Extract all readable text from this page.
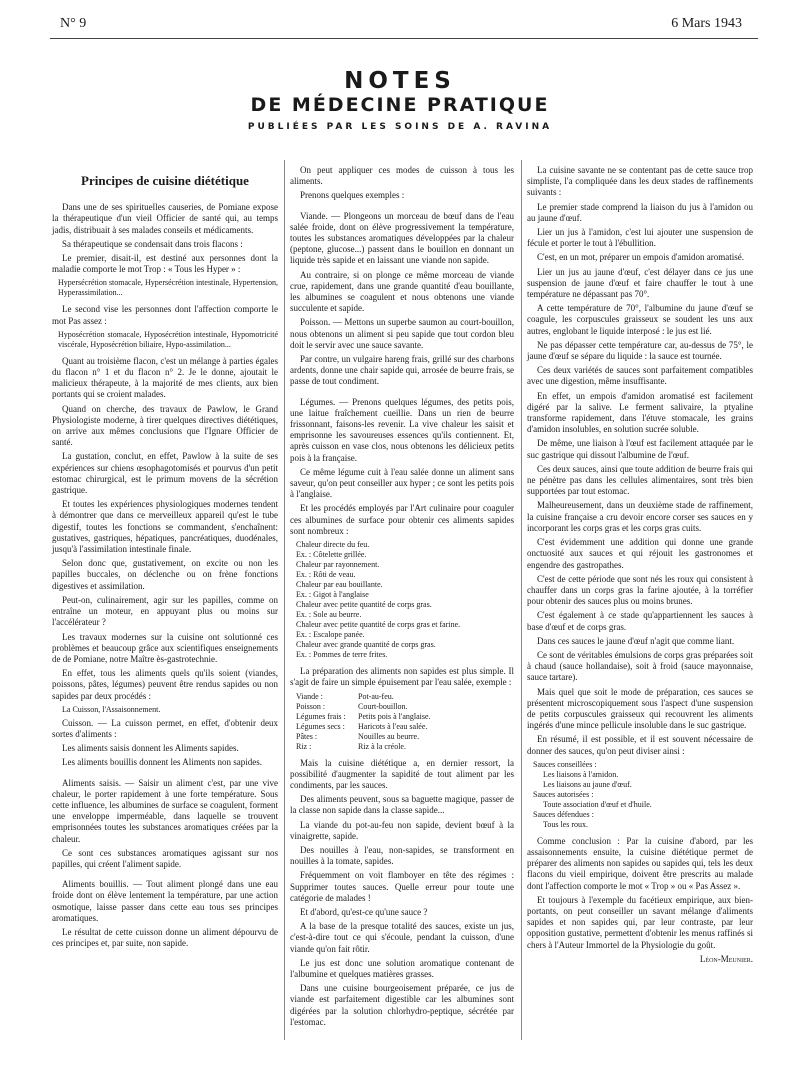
N° 9	6 Mars 1943
NOTES
DE MÉDECINE PRATIQUE
PUBLIÉES PAR LES SOINS DE A. RAVINA
Principes de cuisine diététique

Dans une de ses spirituelles causeries, de Pomiane expose la thérapeutique d'un vieil Officier de santé qui, au temps jadis, distribuait à ses malades conseils et médicaments.

Sa thérapeutique se condensait dans trois flacons :

Le premier, disait-il, est destiné aux personnes dont la maladie comporte le mot Trop : « Tous les Hyper » :

Hypersécrétion stomacale, Hypersécrétion intestinale, Hypertension, Hyperassimilation...

Le second vise les personnes dont l'affection comporte le mot Pas assez :

Hyposécrétion stomacale, Hyposécrétion intestinale, Hypomotricité viscérale, Hyposécrétion biliaire, Hypo-assimilation...

Quant au troisième flacon, c'est un mélange à parties égales du flacon n° 1 et du flacon n° 2. Je le donne, ajoutait le malicieux thérapeute, à la majorité de mes clients, aux bien portants qui se croient malades.

Quand on cherche, des travaux de Pawlow, le Grand Physiologiste moderne, à tirer quelques directives diététiques, on arrive aux mêmes conclusions que l'Ignare Officier de santé.

La gustation, conclut, en effet, Pawlow à la suite de ses expériences sur chiens œsophagotomisés et pourvus d'un petit estomac chirurgical, est le primum movens de la sécrétion gastrique.

Et toutes les expériences physiologiques modernes tendent à démontrer que dans ce merveilleux appareil qu'est le tube digestif, toutes les fonctions se commandent, s'enchaînent: gustatives, gastriques, hépatiques, pancréatiques, duodénales, jusqu'à l'assimilation intestinale finale.

Selon donc que, gustativement, on excite ou non les papilles buccales, on déclenche ou on frène fonctions digestives et assimilation.

Peut-on, culinairement, agir sur les papilles, comme on entraîne un moteur, en appuyant plus ou moins sur l'accélérateur ?

Les travaux modernes sur la cuisine ont solutionné ces problèmes et beaucoup grâce aux scientifiques enseignements de de Pomiane, notre Maître ès-gastrotechnie.

En effet, tous les aliments quels qu'ils soient (viandes, poissons, pâtes, légumes) peuvent être rendus sapides ou non sapides par deux procédés :

La Cuisson, l'Assaisonnement.

Cuisson. — La cuisson permet, en effet, d'obtenir deux sortes d'aliments :

Les aliments saisis donnent les Aliments sapides.

Les aliments bouillis donnent les Aliments non sapides.

Aliments saisis. — Saisir un aliment c'est, par une vive chaleur, le porter rapidement à une forte température. Sous cette influence, les albumines de surface se coagulent, forment une enveloppe imperméable, dans laquelle se trouvent emprisonnées toutes les substances aromatiques créées par la chaleur.

Ce sont ces substances aromatiques agissant sur nos papilles, qui créent l'aliment sapide.

Aliments bouillis. — Tout aliment plongé dans une eau froide dont on élève lentement la température, par une action osmotique, laisse passer dans cette eau tous ses principes aromatiques.

Le résultat de cette cuisson donne un aliment dépourvu de ces principes et, par suite, non sapide.

On peut appliquer ces modes de cuisson à tous les aliments.

Prenons quelques exemples :

Viande. — Plongeons un morceau de bœuf dans de l'eau salée froide, dont on élève progressivement la température, toutes les substances aromatiques développées par la chaleur (peptone, glucose...) passent dans le bouillon en donnant un liquide très sapide et en laissant une viande non sapide.

Au contraire, si on plonge ce même morceau de viande crue, rapidement, dans une grande quantité d'eau bouillante, les albumines se coagulent et nous obtenons une viande succulente et sapide.

Poisson. — Mettons un superbe saumon au court-bouillon, nous obtenons un aliment si peu sapide que tout cordon bleu doit le servir avec une sauce savante.

Par contre, un vulgaire hareng frais, grillé sur des charbons ardents, donne une chair sapide qui, arrosée de beurre frais, se passe de tout condiment.

Légumes. — Prenons quelques légumes, des petits pois, une laitue fraîchement cueillie. Dans un rien de beurre frissonnant, faisons-les revenir. La vive chaleur les saisit et emprisonne les savoureuses essences qu'ils contiennent. Et, après cuisson en vase clos, nous obtenons les délicieux petits pois à la française.

Ce même légume cuit à l'eau salée donne un aliment sans saveur, qu'on peut conseiller aux hyper ; ce sont les petits pois à l'anglaise.

Et les procédés employés par l'Art culinaire pour coaguler ces albumines de surface pour obtenir ces aliments sapides sont nombreux :

Chaleur directe du feu.
Ex. : Côtelette grillée.
Chaleur par rayonnement.
Ex. : Rôti de veau.
Chaleur par eau bouillante.
Ex. : Gigot à l'anglaise
Chaleur avec petite quantité de corps gras.
Ex. : Sole au beurre.
Chaleur avec petite quantité de corps gras et farine.
Ex. : Escalope panée.
Chaleur avec grande quantité de corps gras.
Ex. : Pommes de terre frites.

La préparation des aliments non sapides est plus simple. Il s'agit de faire un simple épuisement par l'eau salée, exemple :

Viande :	Pot-au-feu.
Poisson :	Court-bouillon.
Légumes frais :	Petits pois à l'anglaise.
Légumes secs :	Haricots à l'eau salée.
Pâtes :	Nouilles au beurre.
Riz :	Riz à la créole.

Mais la cuisine diététique a, en dernier ressort, la possibilité d'augmenter la sapidité de tout aliment par les condiments, par les sauces.

Des aliments peuvent, sous sa baguette magique, passer de la classe non sapide dans la classe sapide...

La viande du pot-au-feu non sapide, devient bœuf à la vinaigrette, sapide.

Des nouilles à l'eau, non-sapides, se transforment en nouilles à la tomate, sapides.

Fréquemment on voit flamboyer en tête des régimes : Supprimer toutes sauces. Quelle erreur pour toute une catégorie de malades !

Et d'abord, qu'est-ce qu'une sauce ?

A la base de la presque totalité des sauces, existe un jus, c'est-à-dire tout ce qui s'écoule, pendant la cuisson, d'une viande qu'on fait rôtir.

Le jus est donc une solution aromatique contenant de l'albumine et quelques matières grasses.

Dans une cuisine bourgeoisement préparée, ce jus de viande est parfaitement digestible car les albumines sont digérées par la solution chlorhydro-peptique, sécrétée par l'estomac.

La cuisine savante ne se contentant pas de cette sauce trop simpliste, l'a compliquée dans les deux stades de raffinements suivants :

Le premier stade comprend la liaison du jus à l'amidon ou au jaune d'œuf.

Lier un jus à l'amidon, c'est lui ajouter une suspension de fécule et porter le tout à l'ébullition.

C'est, en un mot, préparer un empois d'amidon aromatisé.

Lier un jus au jaune d'œuf, c'est délayer dans ce jus une suspension de jaune d'œuf et faire chauffer le tout à une température ne dépassant pas 70°.

A cette température de 70°, l'albumine du jaune d'œuf se coagule, les corpuscules graisseux se soudent les uns aux autres, englobant le liquide interposé : le jus est lié.

Ne pas dépasser cette température car, au-dessus de 75°, le jaune d'œuf se sépare du liquide : la sauce est tournée.

Ces deux variétés de sauces sont parfaitement compatibles avec une digestion, même insuffisante.

En effet, un empois d'amidon aromatisé est facilement digéré par la salive. Le ferment salivaire, la ptyaline transforme rapidement, dans l'étuve stomacale, les grains d'amidon insolubles, en solution sucrée soluble.

De même, une liaison à l'œuf est facilement attaquée par le suc gastrique qui dissout l'albumine de l'œuf.

Ces deux sauces, ainsi que toute addition de beurre frais qui ne pénètre pas dans les cellules alimentaires, sont très bien supportées par tout estomac.

Malheureusement, dans un deuxième stade de raffinement, la cuisine française a cru devoir encore corser ses sauces en y incorporant les corps gras et les corps gras cuits.

C'est évidemment une addition qui donne une grande onctuosité aux sauces et qui réjouit les gastronomes et engendre des gastropathes.

C'est de cette période que sont nés les roux qui consistent à chauffer dans un corps gras la farine ajoutée, à la torréfier pour obtenir des sauces plus ou moins brunes.

C'est également à ce stade qu'appartiennent les sauces à base d'œuf et de corps gras.

Dans ces sauces le jaune d'œuf n'agit que comme liant.

Ce sont de véritables émulsions de corps gras préparées soit à chaud (sauce hollandaise), soit à froid (sauce mayonnaise, sauce tartare).

Mais quel que soit le mode de préparation, ces sauces se présentent microscopiquement sous l'aspect d'une suspension de petits corpuscules graisseux qui recouvrent les aliments ingérés d'une mince pellicule insoluble dans le suc gastrique.

En résumé, il est possible, et il est souvent nécessaire de donner des sauces, qu'on peut diviser ainsi :

Sauces conseillées :
Les liaisons à l'amidon.
Les liaisons au jaune d'œuf.
Sauces autorisées :
Toute association d'œuf et d'huile.
Sauces défendues :
Tous les roux.

Comme conclusion : Par la cuisine d'abord, par les assaisonnements ensuite, la cuisine diététique permet de préparer des aliments non sapides ou sapides qui, tels les deux flacons du vieil empirique, doivent être prescrits au malade dont l'affection comporte le mot « Trop » ou « Pas Assez ».

Et toujours à l'exemple du facétieux empirique, aux bien-portants, on peut conseiller un savant mélange d'aliments sapides et non sapides qui, par leur contraste, par leur opposition gustative, permettent d'obtenir les menus raffinés si chers à l'Auteur Immortel de la Physiologie du goût.

Léon-Meunier.
